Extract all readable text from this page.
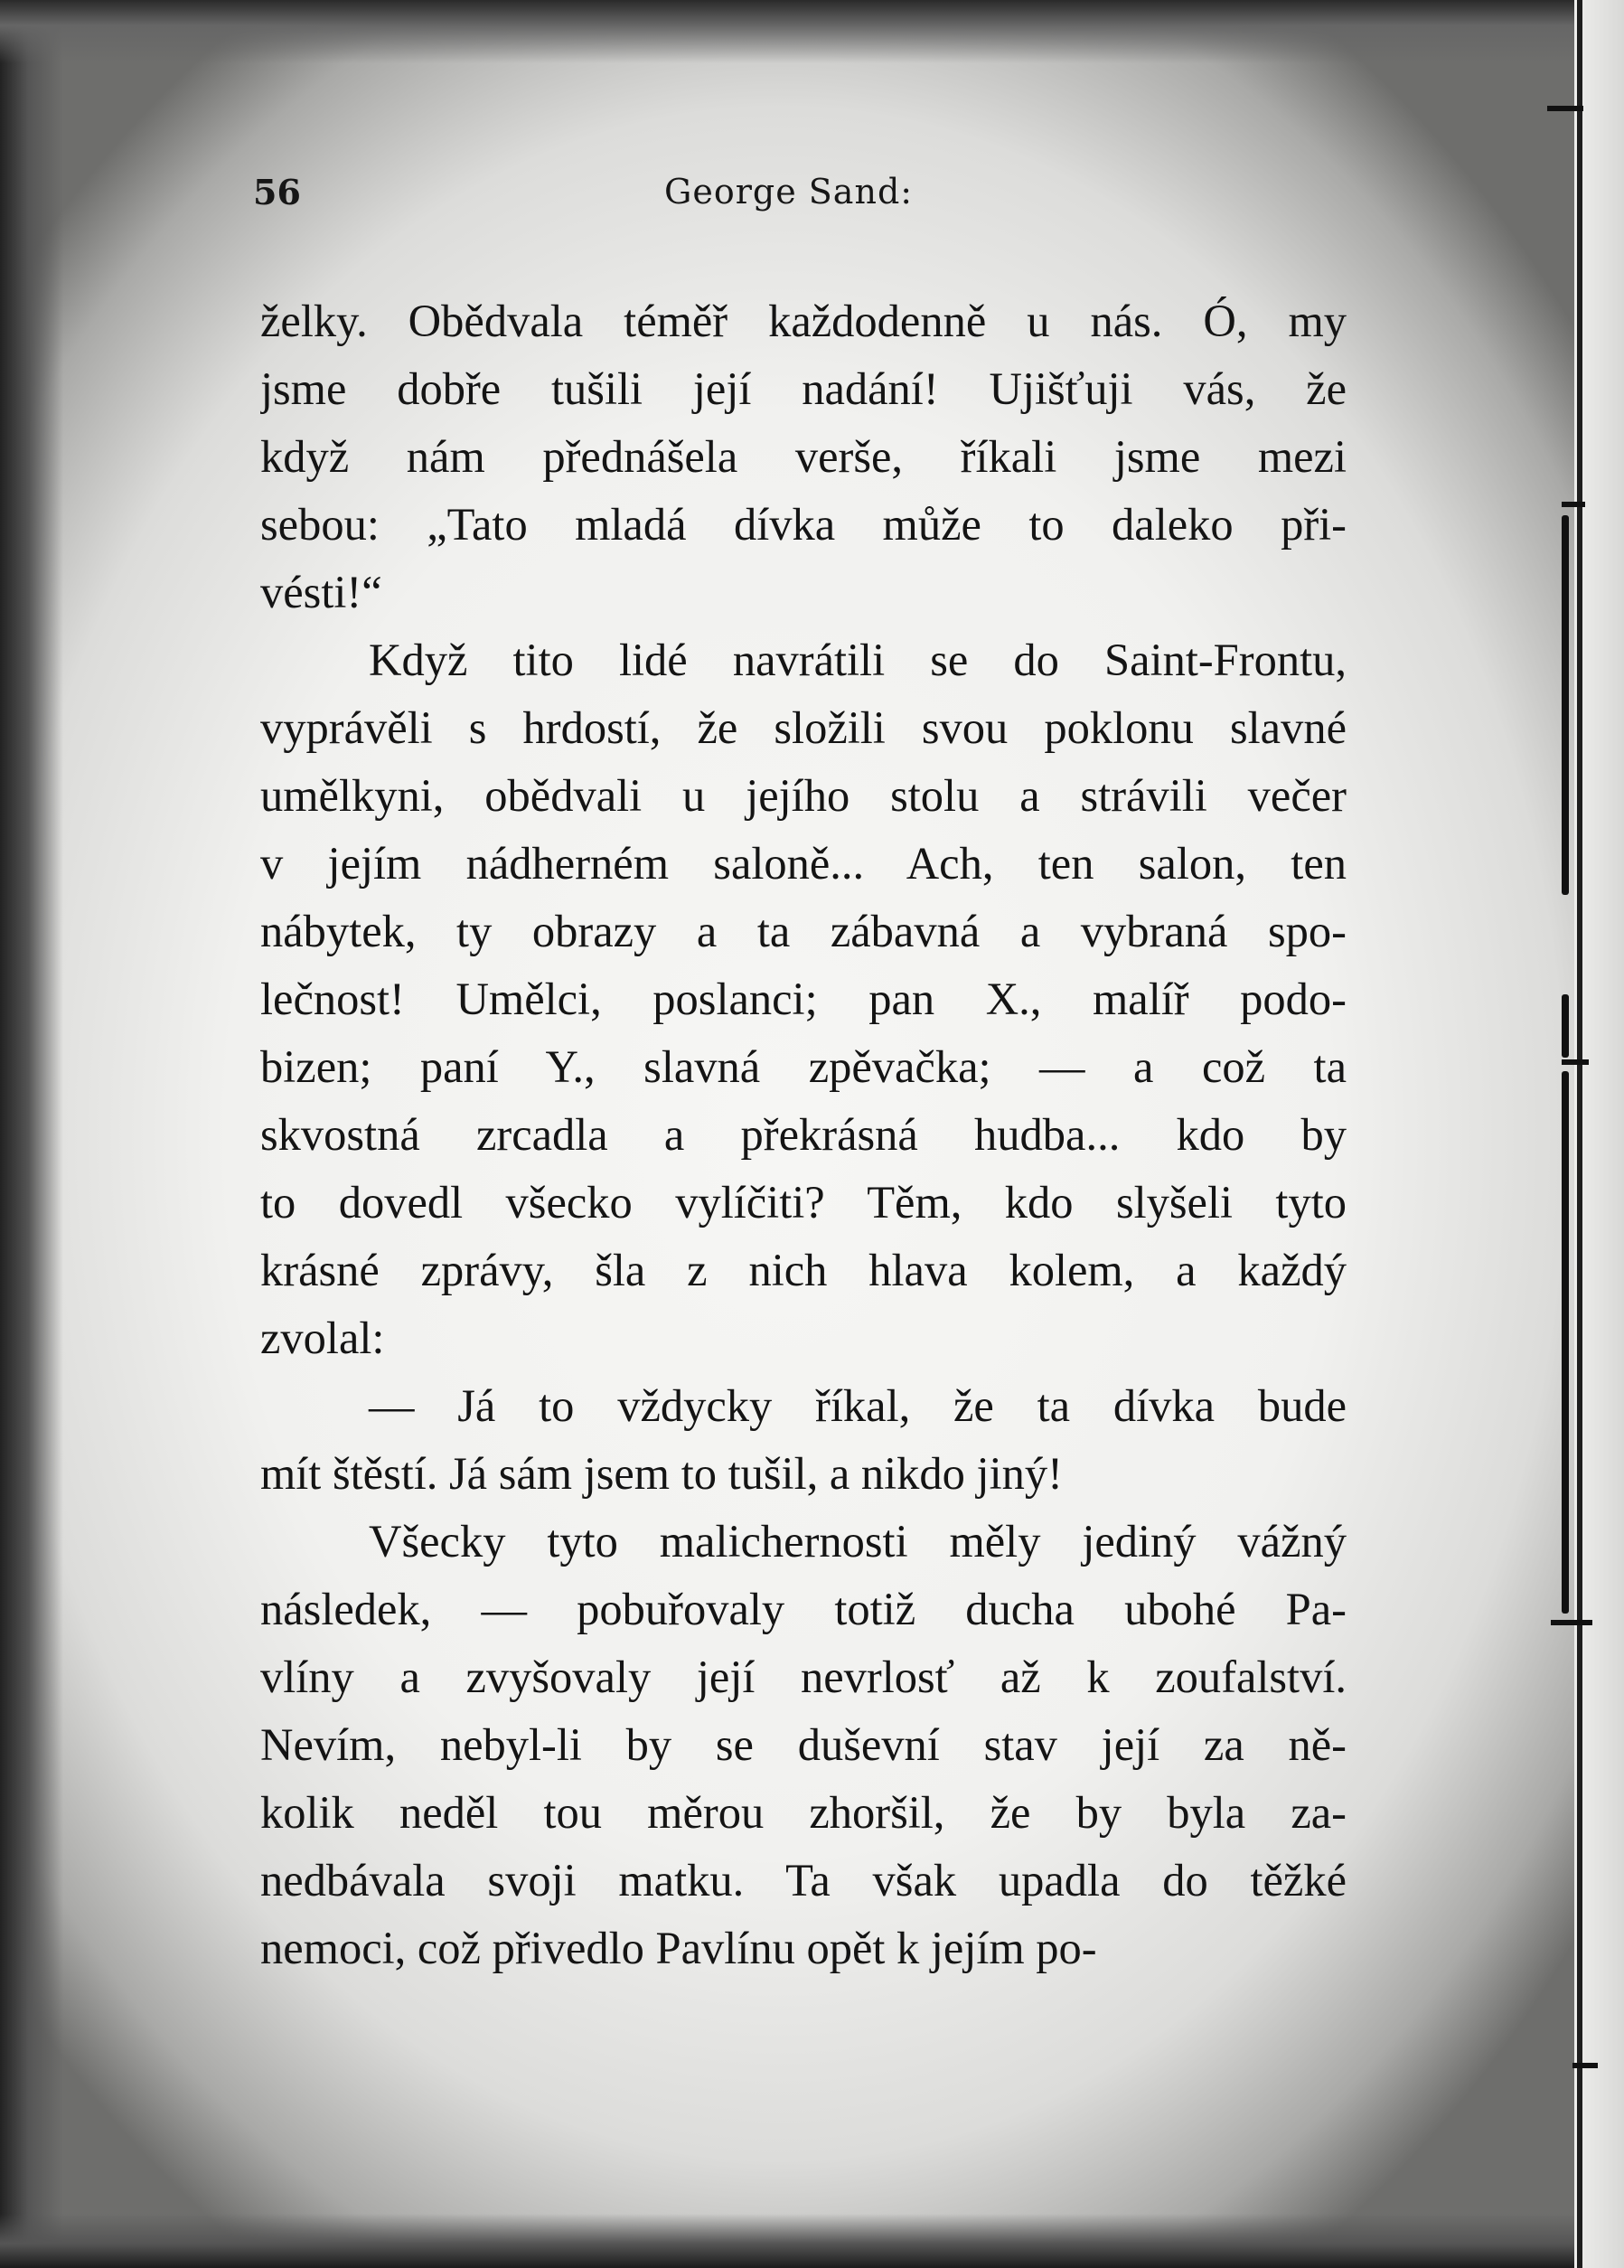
56	George Sand:
želky. Obědvala téměř každodenně u nás. Ó, my
jsme dobře tušili její nadání! Ujišťuji vás, že
když nám přednášela verše, říkali jsme mezi
sebou: „Tato mladá dívka může to daleko při-
vésti!“
Když tito lidé navrátili se do Saint-Frontu,
vyprávěli s hrdostí, že složili svou poklonu slavné
umělkyni, obědvali u jejího stolu a strávili večer
v jejím nádherném saloně... Ach, ten salon, ten
nábytek, ty obrazy a ta zábavná a vybraná spo-
lečnost! Umělci, poslanci; pan X., malíř podo-
bizen; paní Y., slavná zpěvačka; — a což ta
skvostná zrcadla a překrásná hudba... kdo by
to dovedl všecko vylíčiti? Těm, kdo slyšeli tyto
krásné zprávy, šla z nich hlava kolem, a každý
zvolal:
— Já to vždycky říkal, že ta dívka bude
mít štěstí. Já sám jsem to tušil, a nikdo jiný!
Všecky tyto malichernosti měly jediný vážný
následek, — pobuřovaly totiž ducha ubohé Pa-
vlíny a zvyšovaly její nevrlosť až k zoufalství.
Nevím, nebyl-li by se duševní stav její za ně-
kolik neděl tou měrou zhoršil, že by byla za-
nedbávala svoji matku. Ta však upadla do těžké
nemoci, což přivedlo Pavlínu opět k jejím po-
